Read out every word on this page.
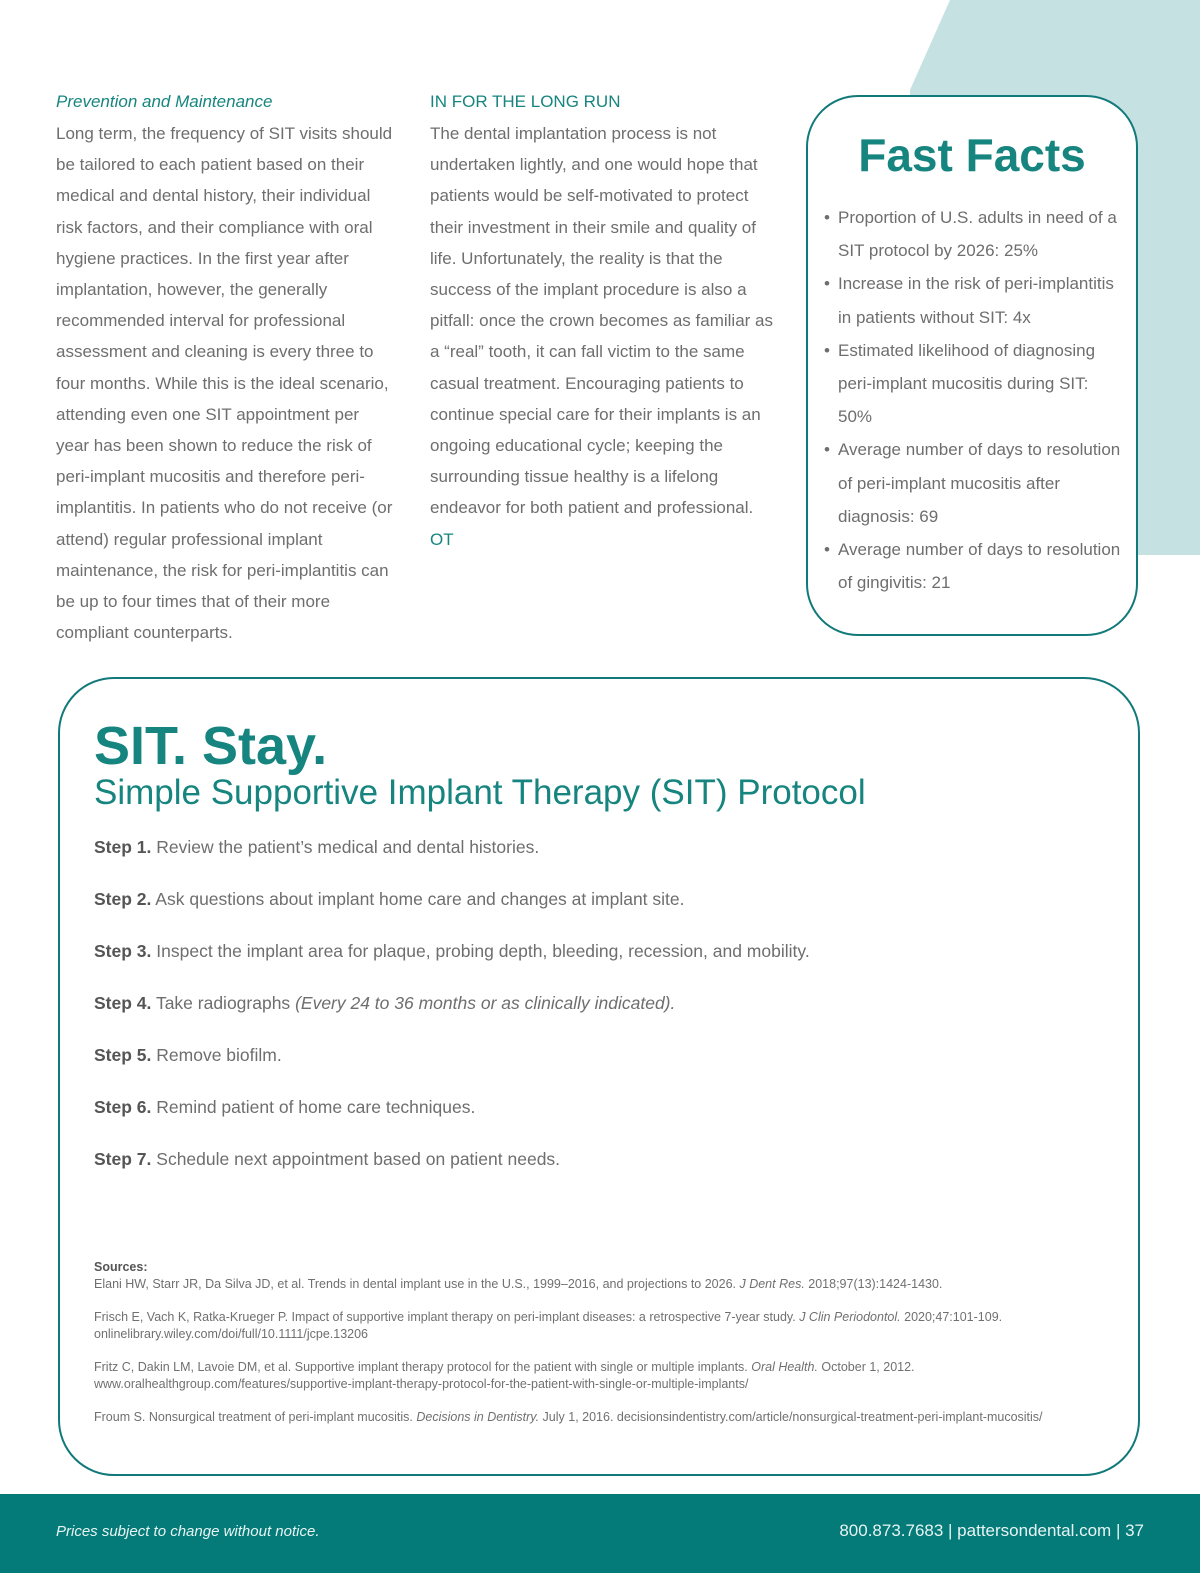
Prevention and Maintenance

Long term, the frequency of SIT visits should be tailored to each patient based on their medical and dental history, their individual risk factors, and their compliance with oral hygiene practices. In the first year after implantation, however, the generally recommended interval for professional assessment and cleaning is every three to four months. While this is the ideal scenario, attending even one SIT appointment per year has been shown to reduce the risk of peri-implant mucositis and therefore peri-implantitis. In patients who do not receive (or attend) regular professional implant maintenance, the risk for peri-implantitis can be up to four times that of their more compliant counterparts.

IN FOR THE LONG RUN

The dental implantation process is not undertaken lightly, and one would hope that patients would be self-motivated to protect their investment in their smile and quality of life. Unfortunately, the reality is that the success of the implant procedure is also a pitfall: once the crown becomes as familiar as a “real” tooth, it can fall victim to the same casual treatment. Encouraging patients to continue special care for their implants is an ongoing educational cycle; keeping the surrounding tissue healthy is a lifelong endeavor for both patient and professional. OT

Fast Facts
• Proportion of U.S. adults in need of a SIT protocol by 2026: 25%
• Increase in the risk of peri-implantitis in patients without SIT: 4x
• Estimated likelihood of diagnosing peri-implant mucositis during SIT: 50%
• Average number of days to resolution of peri-implant mucositis after diagnosis: 69
• Average number of days to resolution of gingivitis: 21
SIT. Stay.
Simple Supportive Implant Therapy (SIT) Protocol
Step 1. Review the patient’s medical and dental histories.
Step 2. Ask questions about implant home care and changes at implant site.
Step 3. Inspect the implant area for plaque, probing depth, bleeding, recession, and mobility.
Step 4. Take radiographs (Every 24 to 36 months or as clinically indicated).
Step 5. Remove biofilm.
Step 6. Remind patient of home care techniques.
Step 7. Schedule next appointment based on patient needs.
Sources:

Elani HW, Starr JR, Da Silva JD, et al. Trends in dental implant use in the U.S., 1999–2016, and projections to 2026. J Dent Res. 2018;97(13):1424-1430.

Frisch E, Vach K, Ratka-Krueger P. Impact of supportive implant therapy on peri-implant diseases: a retrospective 7-year study. J Clin Periodontol. 2020;47:101-109. onlinelibrary.wiley.com/doi/full/10.1111/jcpe.13206

Fritz C, Dakin LM, Lavoie DM, et al. Supportive implant therapy protocol for the patient with single or multiple implants. Oral Health. October 1, 2012. www.oralhealthgroup.com/features/supportive-implant-therapy-protocol-for-the-patient-with-single-or-multiple-implants/

Froum S. Nonsurgical treatment of peri-implant mucositis. Decisions in Dentistry. July 1, 2016. decisionsindentistry.com/article/nonsurgical-treatment-peri-implant-mucositis/

Prices subject to change without notice.	800.873.7683 | pattersondental.com | 37
